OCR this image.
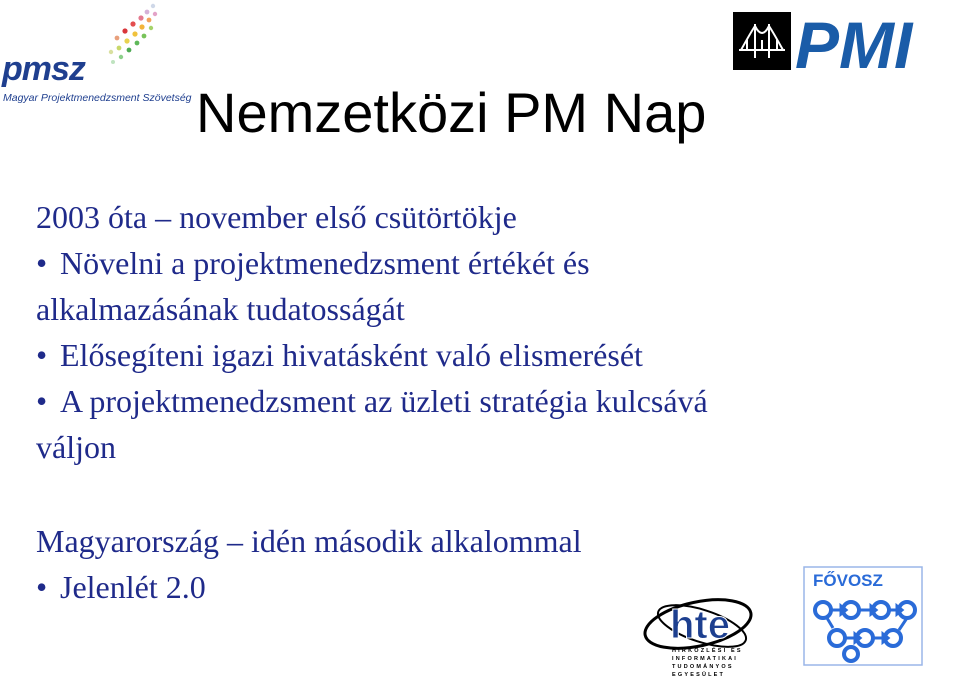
pmsz
Magyar Projektmenedzsment Szövetség
PMI
Nemzetközi PM Nap
2003 óta – november első csütörtökje
• Növelni a projektmenedzsment értékét és
alkalmazásának tudatosságát
• Elősegíteni igazi hivatásként való elismerését
• A projektmenedzsment az üzleti stratégia kulcsává
váljon
Magyarország – idén második alkalommal
• Jelenlét 2.0
hte
HÍRKÖZLÉSI ÉS
INFORMATIKAI
TUDOMÁNYOS
EGYESÜLET
FŐVOSZ
